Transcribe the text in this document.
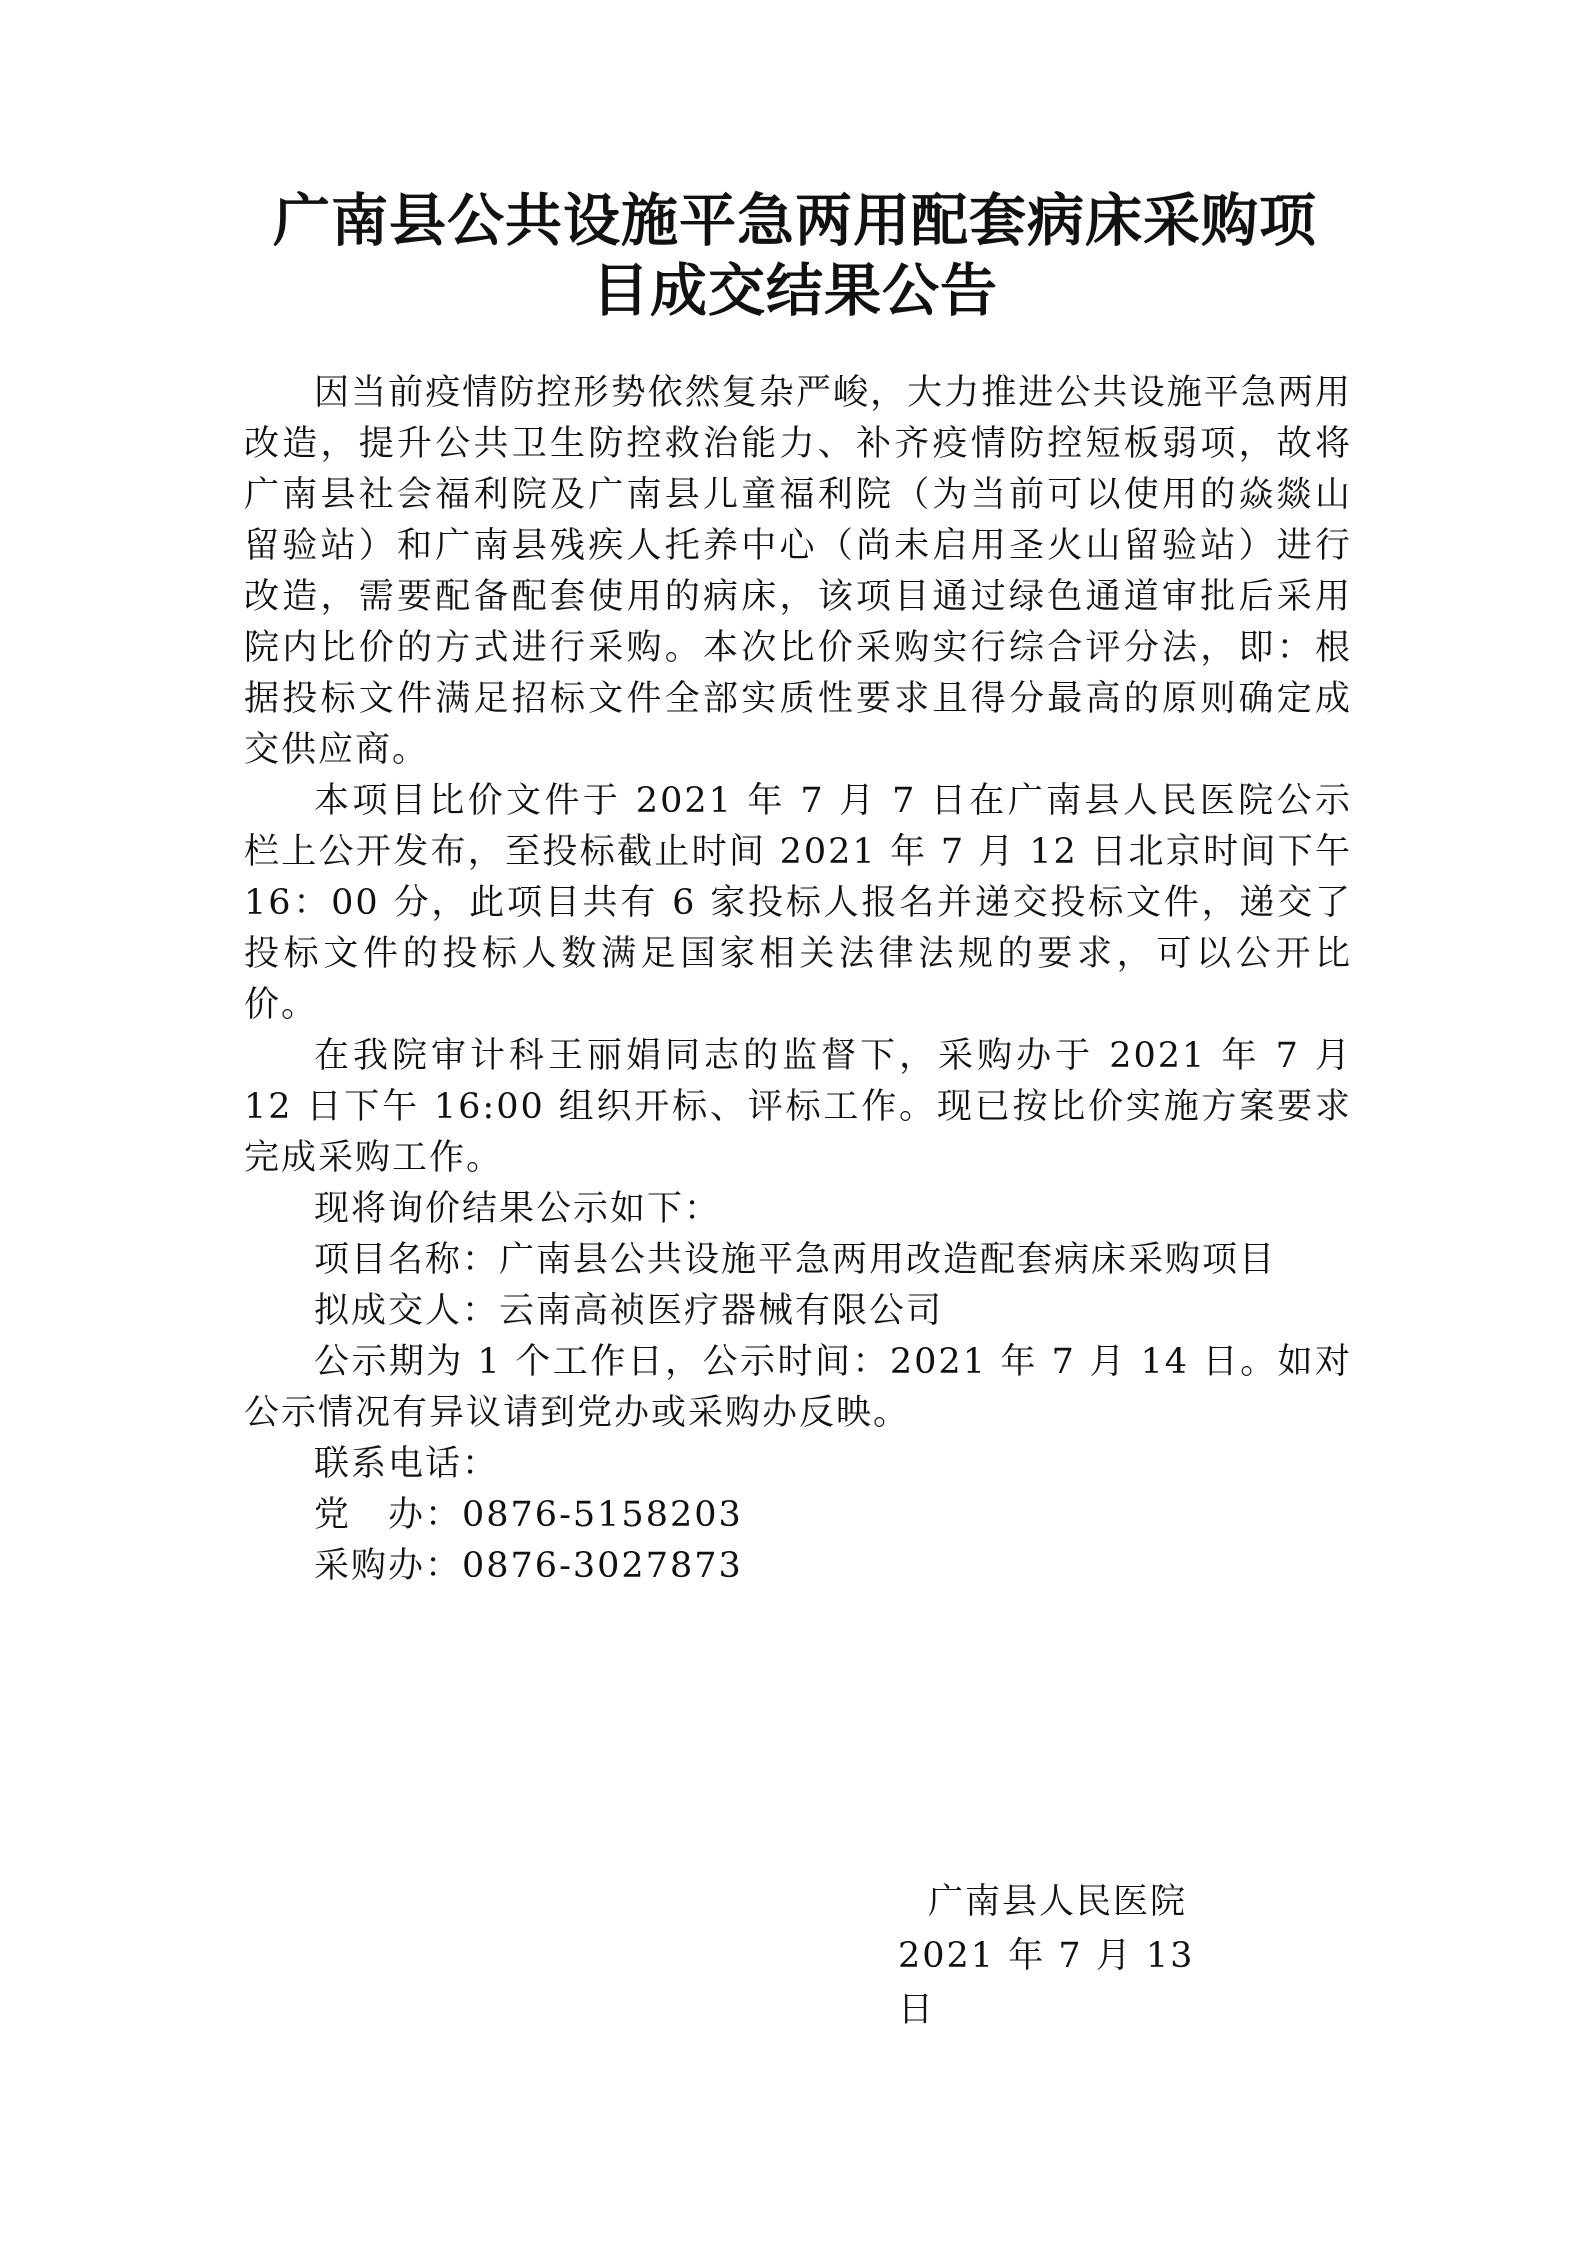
广南县公共设施平急两用配套病床采购项
目成交结果公告

因当前疫情防控形势依然复杂严峻，大力推进公共设施平急两用改造，提升公共卫生防控救治能力、补齐疫情防控短板弱项，故将广南县社会福利院及广南县儿童福利院（为当前可以使用的焱燚山留验站）和广南县残疾人托养中心（尚未启用圣火山留验站）进行改造，需要配备配套使用的病床，该项目通过绿色通道审批后采用院内比价的方式进行采购。本次比价采购实行综合评分法，即：根据投标文件满足招标文件全部实质性要求且得分最高的原则确定成交供应商。

本项目比价文件于 2021 年 7 月 7 日在广南县人民医院公示栏上公开发布，至投标截止时间 2021 年 7 月 12 日北京时间下午 16：00 分，此项目共有 6 家投标人报名并递交投标文件，递交了投标文件的投标人数满足国家相关法律法规的要求，可以公开比价。

在我院审计科王丽娟同志的监督下，采购办于 2021 年 7 月 12 日下午 16:00 组织开标、评标工作。现已按比价实施方案要求完成采购工作。

现将询价结果公示如下：

项目名称：广南县公共设施平急两用改造配套病床采购项目

拟成交人：云南高祯医疗器械有限公司

公示期为 1 个工作日，公示时间：2021 年 7 月 14 日。如对公示情况有异议请到党办或采购办反映。

联系电话：

党　办：0876-5158203

采购办：0876-3027873

广南县人民医院
2021 年 7 月 13 日
